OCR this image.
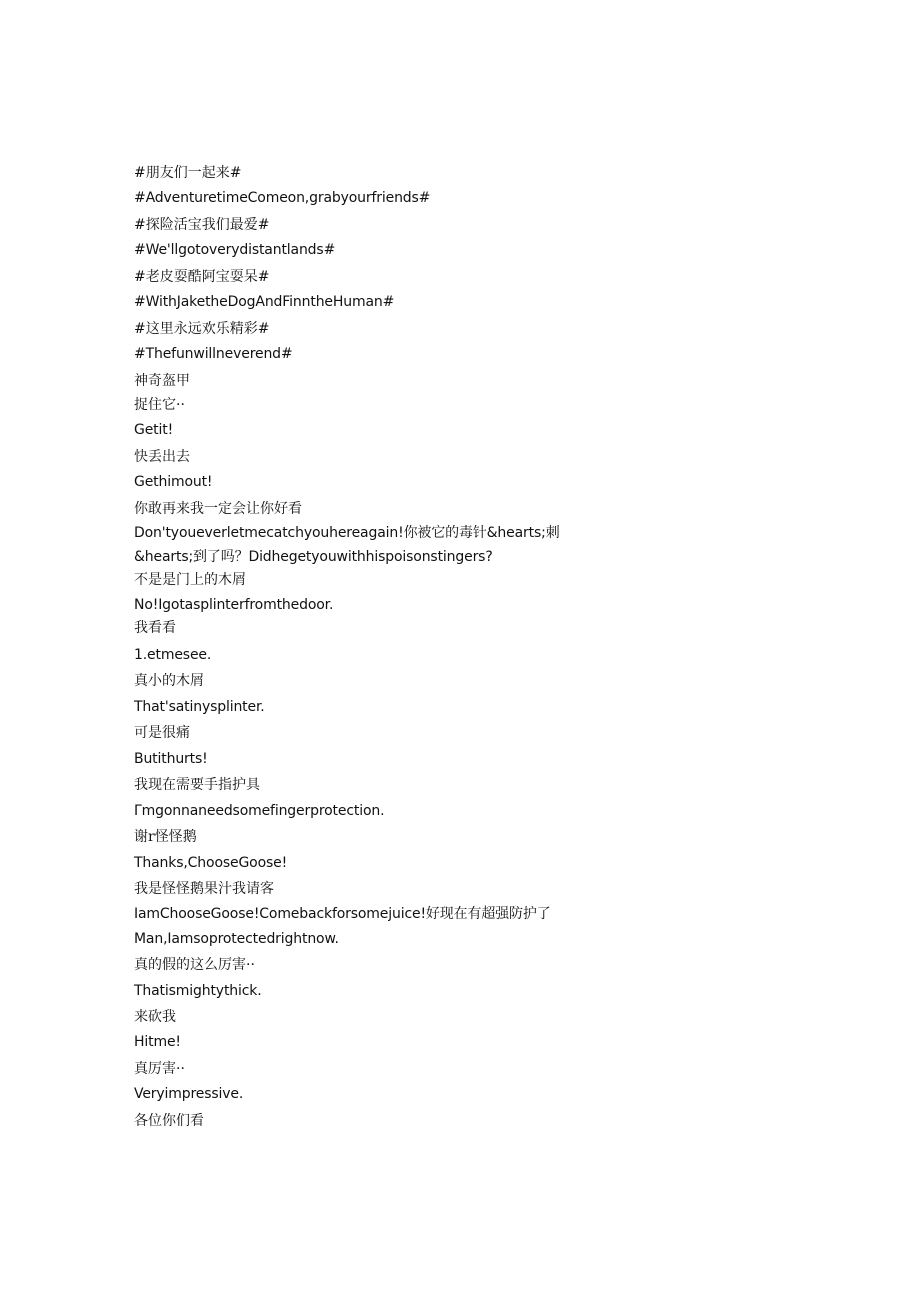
#朋友们一起来#
#AdventuretimeComeon,grabyourfriends#
#探险活宝我们最爱#
#We'llgotoverydistantlands#
#老皮耍酷阿宝耍呆#
#WithJaketheDogAndFinntheHuman#
#这里永远欢乐精彩#
#Thefunwillneverend#
神奇盔甲
捉住它··
Getit!
快丢出去
Gethimout!
你敢再来我一定会让你好看
Don'tyoueverletmecatchyouhereagain!你被它的毒针&hearts;刺
&hearts;到了吗？Didhegetyouwithhispoisonstingers?
不是是门上的木屑
No!Igotasplinterfromthedoor.
我看看
1.etmesee.
真小的木屑
That'satinysplinter.
可是很痛
Butithurts!
我现在需要手指护具
Γmgonnaneedsomefingerprotection.
谢r怪怪鹅
Thanks,ChooseGoose!
我是怪怪鹅果汁我请客
IamChooseGoose!Comebackforsomejuice!好现在有超强防护了
Man,Iamsoprotectedrightnow.
真的假的这么厉害··
Thatismightythick.
来砍我
Hitme!
真厉害··
Veryimpressive.
各位你们看
